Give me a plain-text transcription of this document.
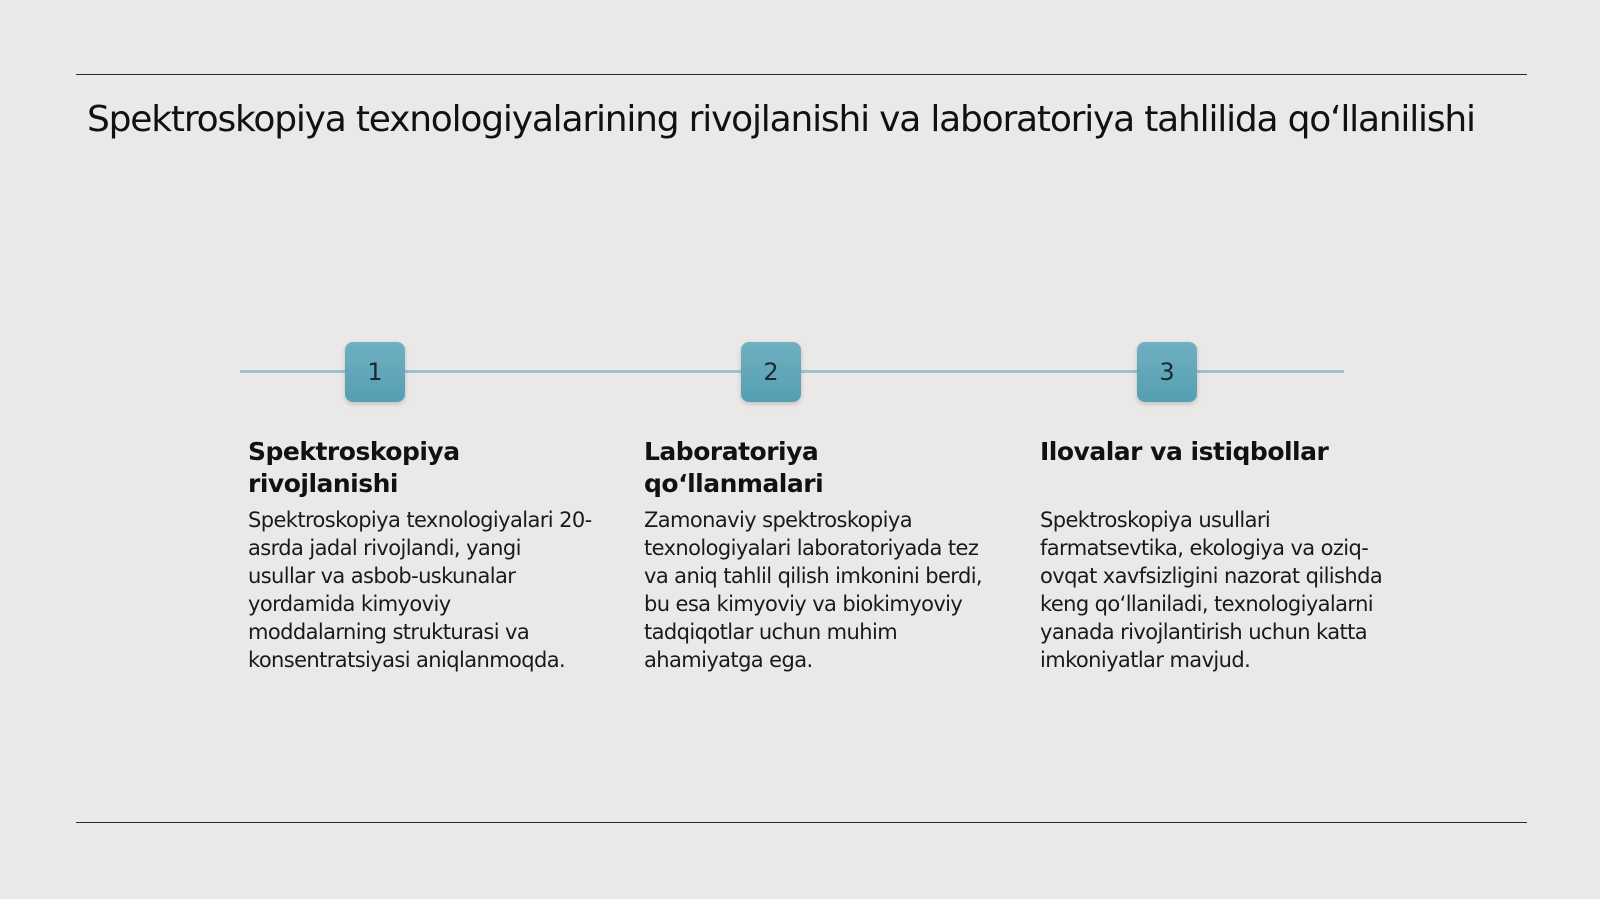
Spektroskopiya texnologiyalarining rivojlanishi va laboratoriya tahlilida qo‘llanilishi
1	2	3
Spektroskopiya rivojlanishi

Spektroskopiya texnologiyalari 20-asrda jadal rivojlandi, yangi usullar va asbob-uskunalar yordamida kimyoviy moddalarning strukturasi va konsentratsiyasi aniqlanmoqda.

Laboratoriya qo‘llanmalari

Zamonaviy spektroskopiya texnologiyalari laboratoriyada tez va aniq tahlil qilish imkonini berdi, bu esa kimyoviy va biokimyoviy tadqiqotlar uchun muhim ahamiyatga ega.

Ilovalar va istiqbollar

Spektroskopiya usullari farmatsevtika, ekologiya va oziq-ovqat xavfsizligini nazorat qilishda keng qo‘llaniladi, texnologiyalarni yanada rivojlantirish uchun katta imkoniyatlar mavjud.
